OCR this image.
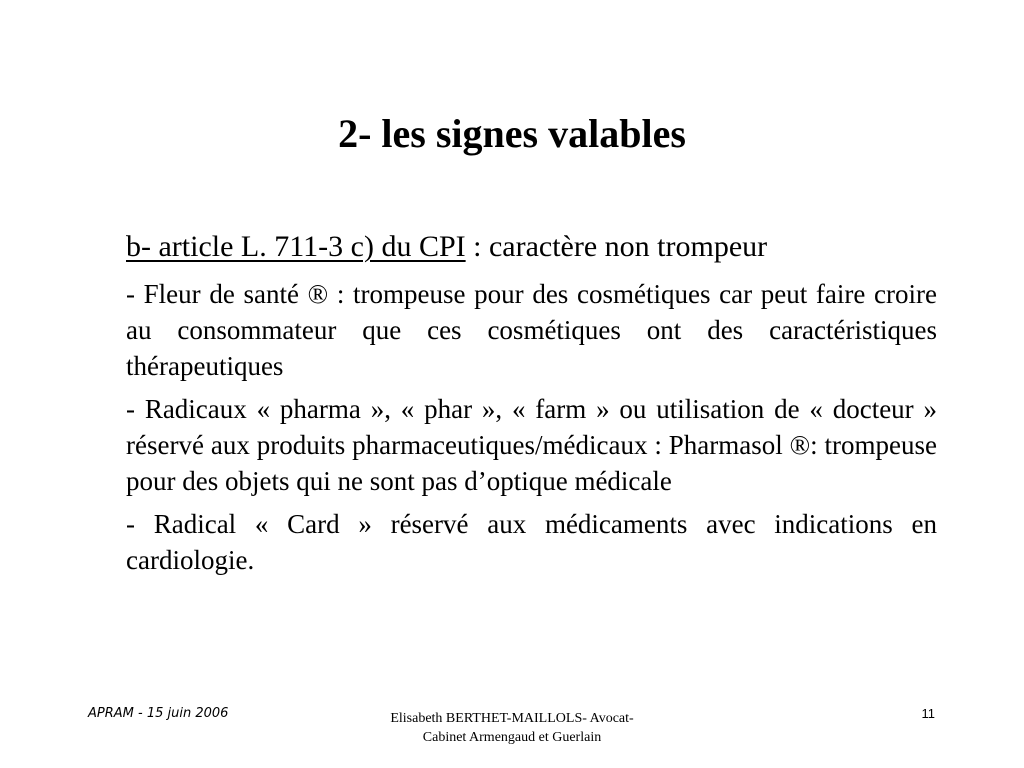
2- les signes valables

b- article L. 711-3 c) du CPI : caractère non trompeur

- Fleur de santé ® : trompeuse pour des cosmétiques car peut faire croire au consommateur que ces cosmétiques ont des caractéristiques thérapeutiques

- Radicaux « pharma », « phar », « farm » ou utilisation de « docteur » réservé aux produits pharmaceutiques/médicaux : Pharmasol ®: trompeuse pour des objets qui ne sont pas d’optique médicale

- Radical « Card » réservé aux médicaments avec indications en cardiologie.

APRAM - 15 juin 2006	Elisabeth BERTHET-MAILLOLS- Avocat-
Cabinet Armengaud et Guerlain
11
